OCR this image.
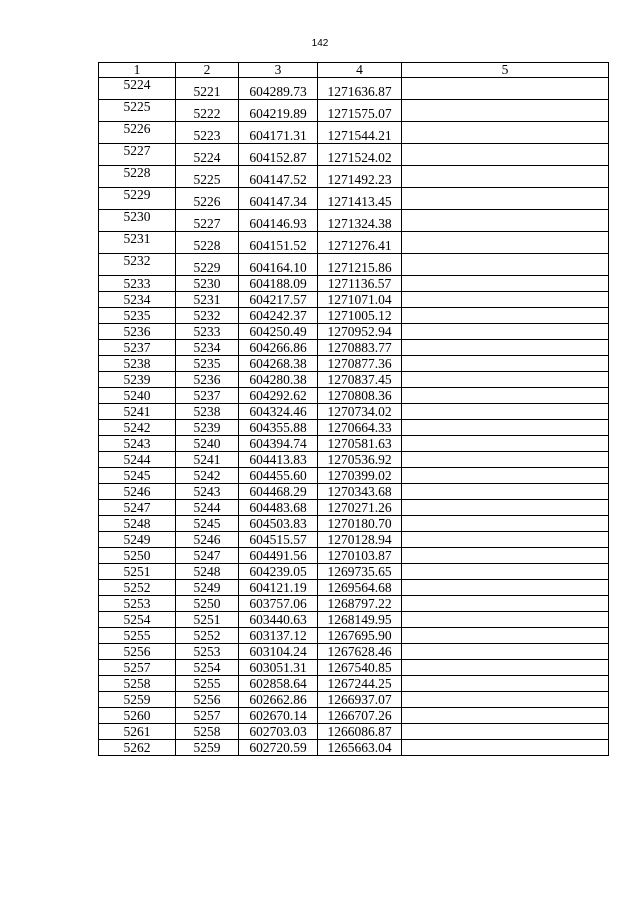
142
1	2	3	4	5
5224	5221	604289.73	1271636.87	
5225	5222	604219.89	1271575.07	
5226	5223	604171.31	1271544.21	
5227	5224	604152.87	1271524.02	
5228	5225	604147.52	1271492.23	
5229	5226	604147.34	1271413.45	
5230	5227	604146.93	1271324.38	
5231	5228	604151.52	1271276.41	
5232	5229	604164.10	1271215.86	
5233	5230	604188.09	1271136.57	
5234	5231	604217.57	1271071.04	
5235	5232	604242.37	1271005.12	
5236	5233	604250.49	1270952.94	
5237	5234	604266.86	1270883.77	
5238	5235	604268.38	1270877.36	
5239	5236	604280.38	1270837.45	
5240	5237	604292.62	1270808.36	
5241	5238	604324.46	1270734.02	
5242	5239	604355.88	1270664.33	
5243	5240	604394.74	1270581.63	
5244	5241	604413.83	1270536.92	
5245	5242	604455.60	1270399.02	
5246	5243	604468.29	1270343.68	
5247	5244	604483.68	1270271.26	
5248	5245	604503.83	1270180.70	
5249	5246	604515.57	1270128.94	
5250	5247	604491.56	1270103.87	
5251	5248	604239.05	1269735.65	
5252	5249	604121.19	1269564.68	
5253	5250	603757.06	1268797.22	
5254	5251	603440.63	1268149.95	
5255	5252	603137.12	1267695.90	
5256	5253	603104.24	1267628.46	
5257	5254	603051.31	1267540.85	
5258	5255	602858.64	1267244.25	
5259	5256	602662.86	1266937.07	
5260	5257	602670.14	1266707.26	
5261	5258	602703.03	1266086.87	
5262	5259	602720.59	1265663.04	
